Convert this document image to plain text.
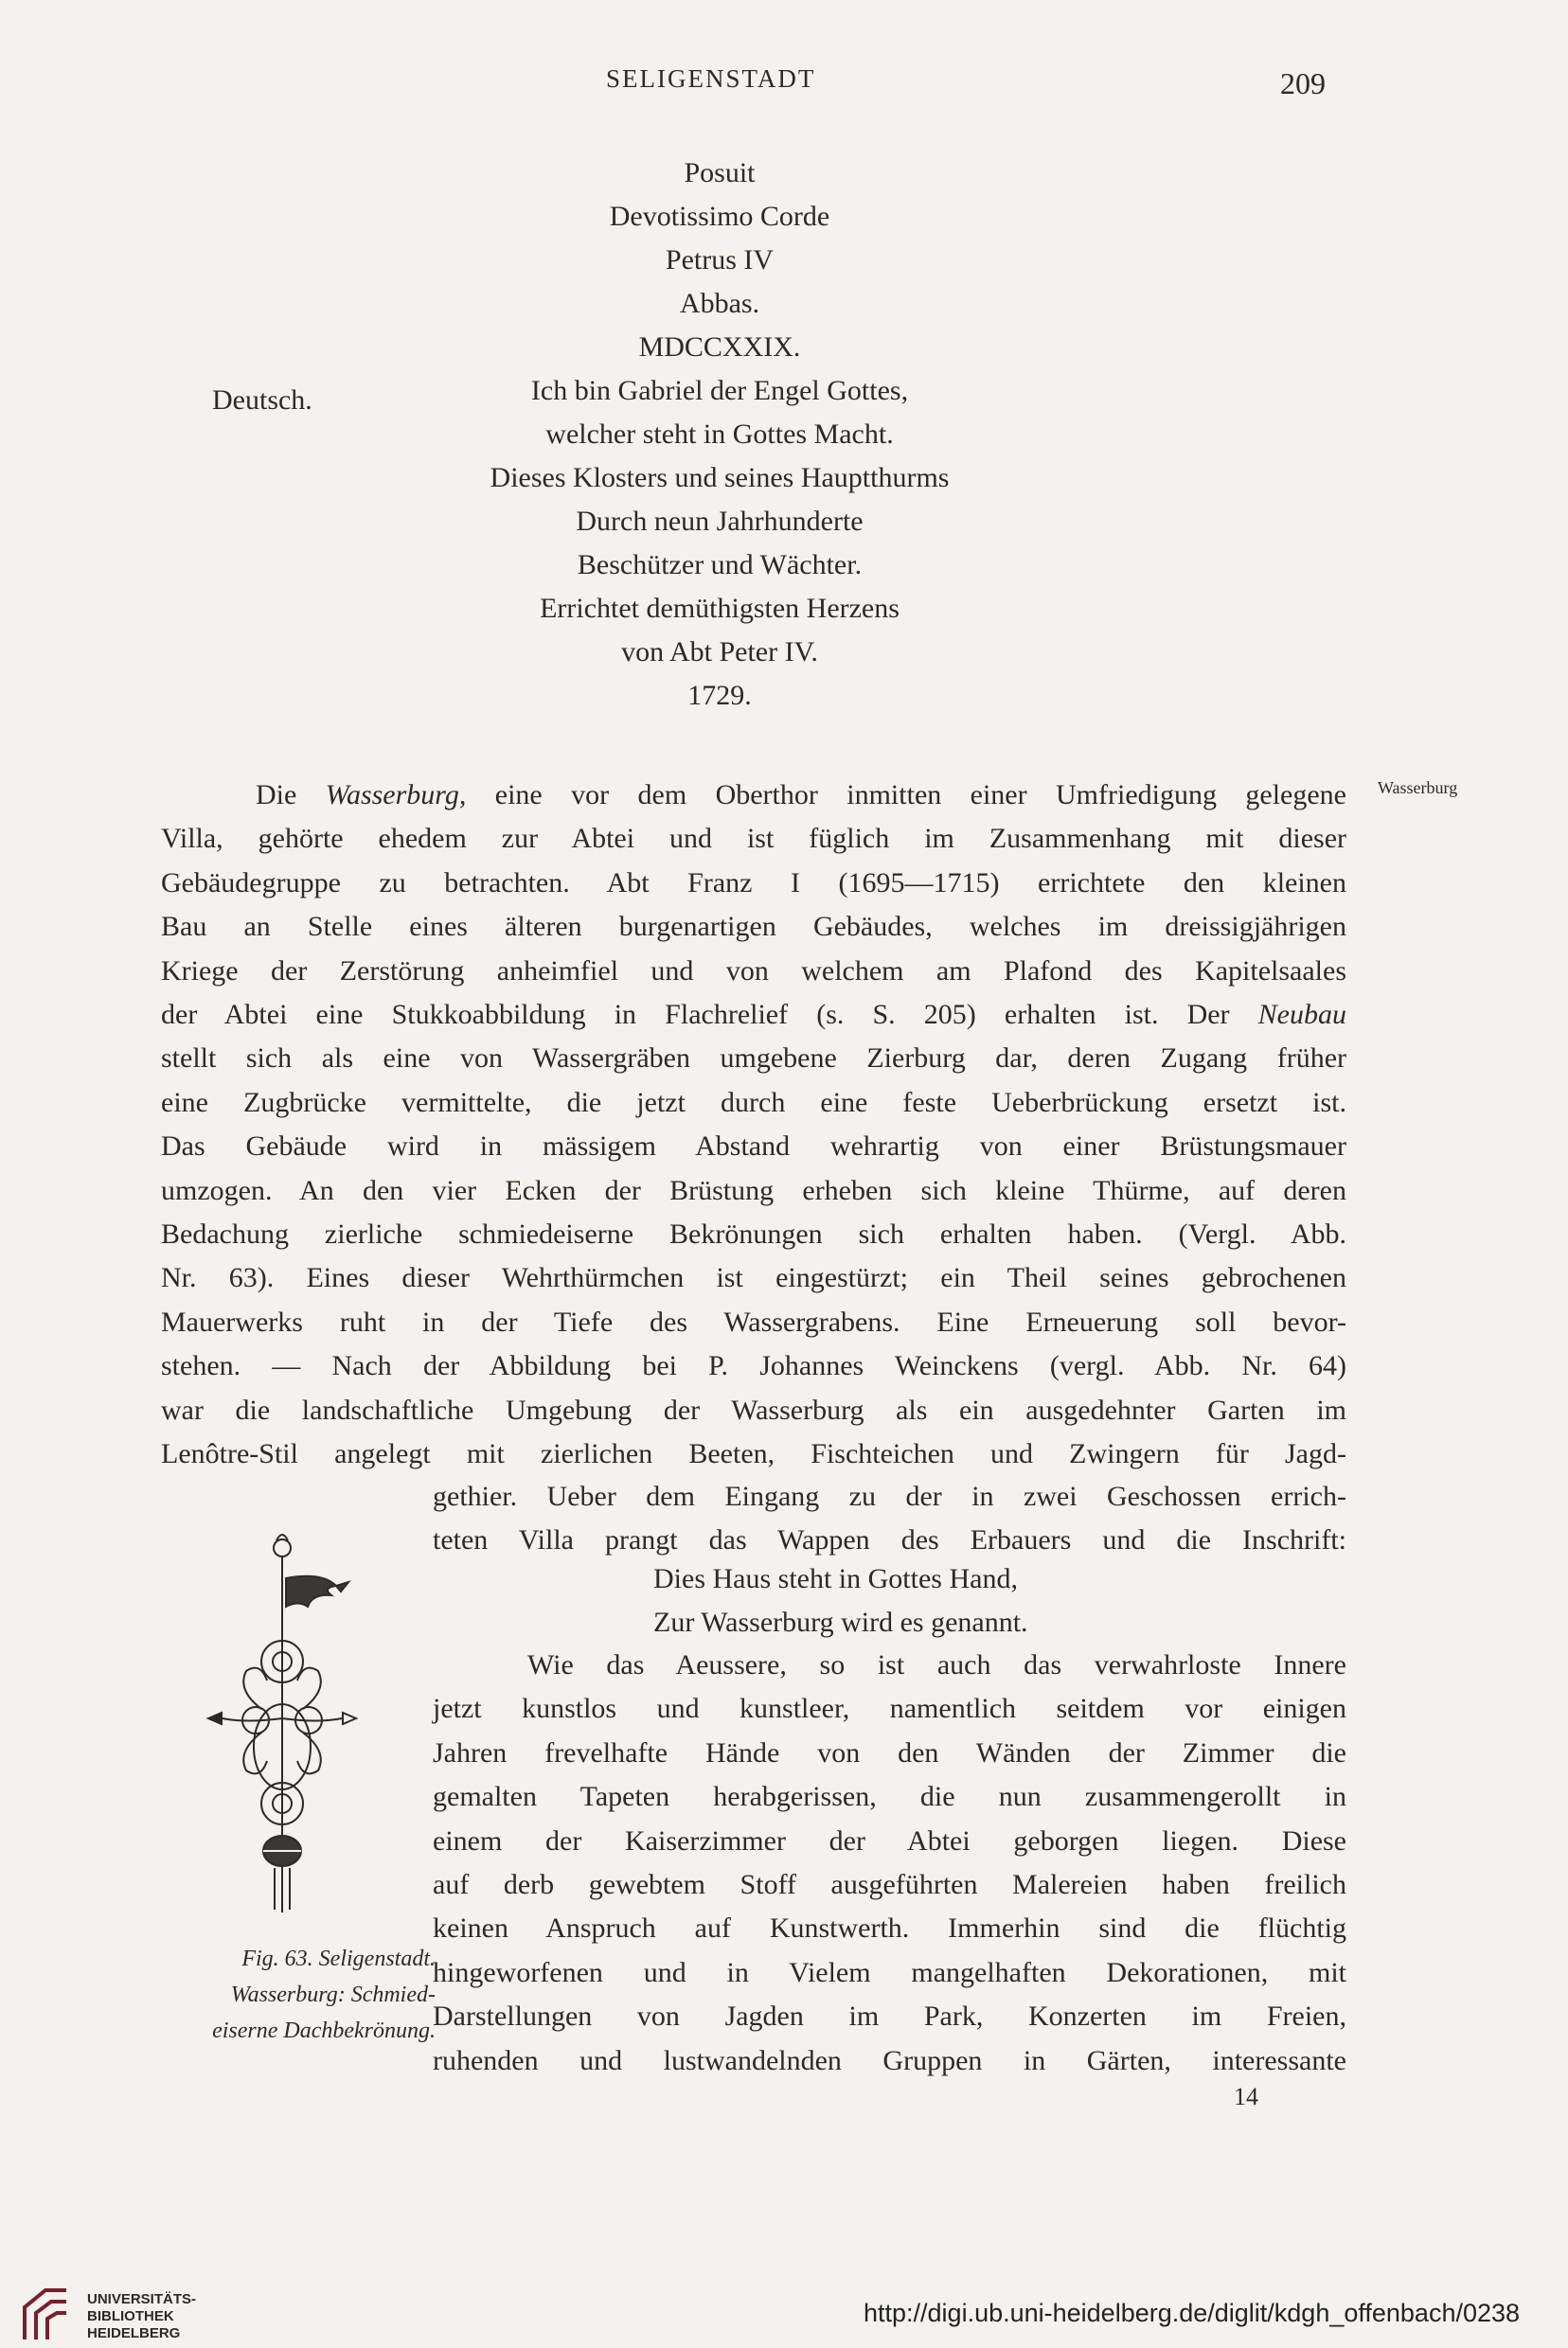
SELIGENSTADT	209
Posuit
Devotissimo Corde
Petrus IV
Abbas.
MDCCXXIX.
Ich bin Gabriel der Engel Gottes,
welcher steht in Gottes Macht.
Dieses Klosters und seines Hauptthurms
Durch neun Jahrhunderte
Beschützer und Wächter.
Errichtet demüthigsten Herzens
von Abt Peter IV.
1729.
Deutsch.
Wasserburg
Die Wasserburg, eine vor dem Oberthor inmitten einer Umfriedigung gelegene
Villa, gehörte ehedem zur Abtei und ist füglich im Zusammenhang mit dieser
Gebäudegruppe zu betrachten. Abt Franz I (1695—1715) errichtete den kleinen
Bau an Stelle eines älteren burgenartigen Gebäudes, welches im dreissigjährigen
Kriege der Zerstörung anheimfiel und von welchem am Plafond des Kapitelsaales
der Abtei eine Stukkoabbildung in Flachrelief (s. S. 205) erhalten ist. Der Neubau
stellt sich als eine von Wassergräben umgebene Zierburg dar, deren Zugang früher
eine Zugbrücke vermittelte, die jetzt durch eine feste Ueberbrückung ersetzt ist.
Das Gebäude wird in mässigem Abstand wehrartig von einer Brüstungsmauer
umzogen. An den vier Ecken der Brüstung erheben sich kleine Thürme, auf deren
Bedachung zierliche schmiedeiserne Bekrönungen sich erhalten haben. (Vergl. Abb.
Nr. 63). Eines dieser Wehrthürmchen ist eingestürzt; ein Theil seines gebrochenen
Mauerwerks ruht in der Tiefe des Wassergrabens. Eine Erneuerung soll bevor-
stehen. — Nach der Abbildung bei P. Johannes Weinckens (vergl. Abb. Nr. 64)
war die landschaftliche Umgebung der Wasserburg als ein ausgedehnter Garten im
Lenôtre-Stil angelegt mit zierlichen Beeten, Fischteichen und Zwingern für Jagd-
gethier. Ueber dem Eingang zu der in zwei Geschossen errich-
teten Villa prangt das Wappen des Erbauers und die Inschrift:
Dies Haus steht in Gottes Hand,
Zur Wasserburg wird es genannt.
Wie das Aeussere, so ist auch das verwahrloste Innere
jetzt kunstlos und kunstleer, namentlich seitdem vor einigen
Jahren frevelhafte Hände von den Wänden der Zimmer die
gemalten Tapeten herabgerissen, die nun zusammengerollt in
einem der Kaiserzimmer der Abtei geborgen liegen. Diese
auf derb gewebtem Stoff ausgeführten Malereien haben freilich
keinen Anspruch auf Kunstwerth. Immerhin sind die flüchtig
hingeworfenen und in Vielem mangelhaften Dekorationen, mit
Darstellungen von Jagden im Park, Konzerten im Freien,
ruhenden und lustwandelnden Gruppen in Gärten, interessante
Fig. 63. Seligenstadt.
Wasserburg: Schmied-
eiserne Dachbekrönung.
14
UNIVERSITÄTS-
BIBLIOTHEK
HEIDELBERG
http://digi.ub.uni-heidelberg.de/diglit/kdgh_offenbach/0238
